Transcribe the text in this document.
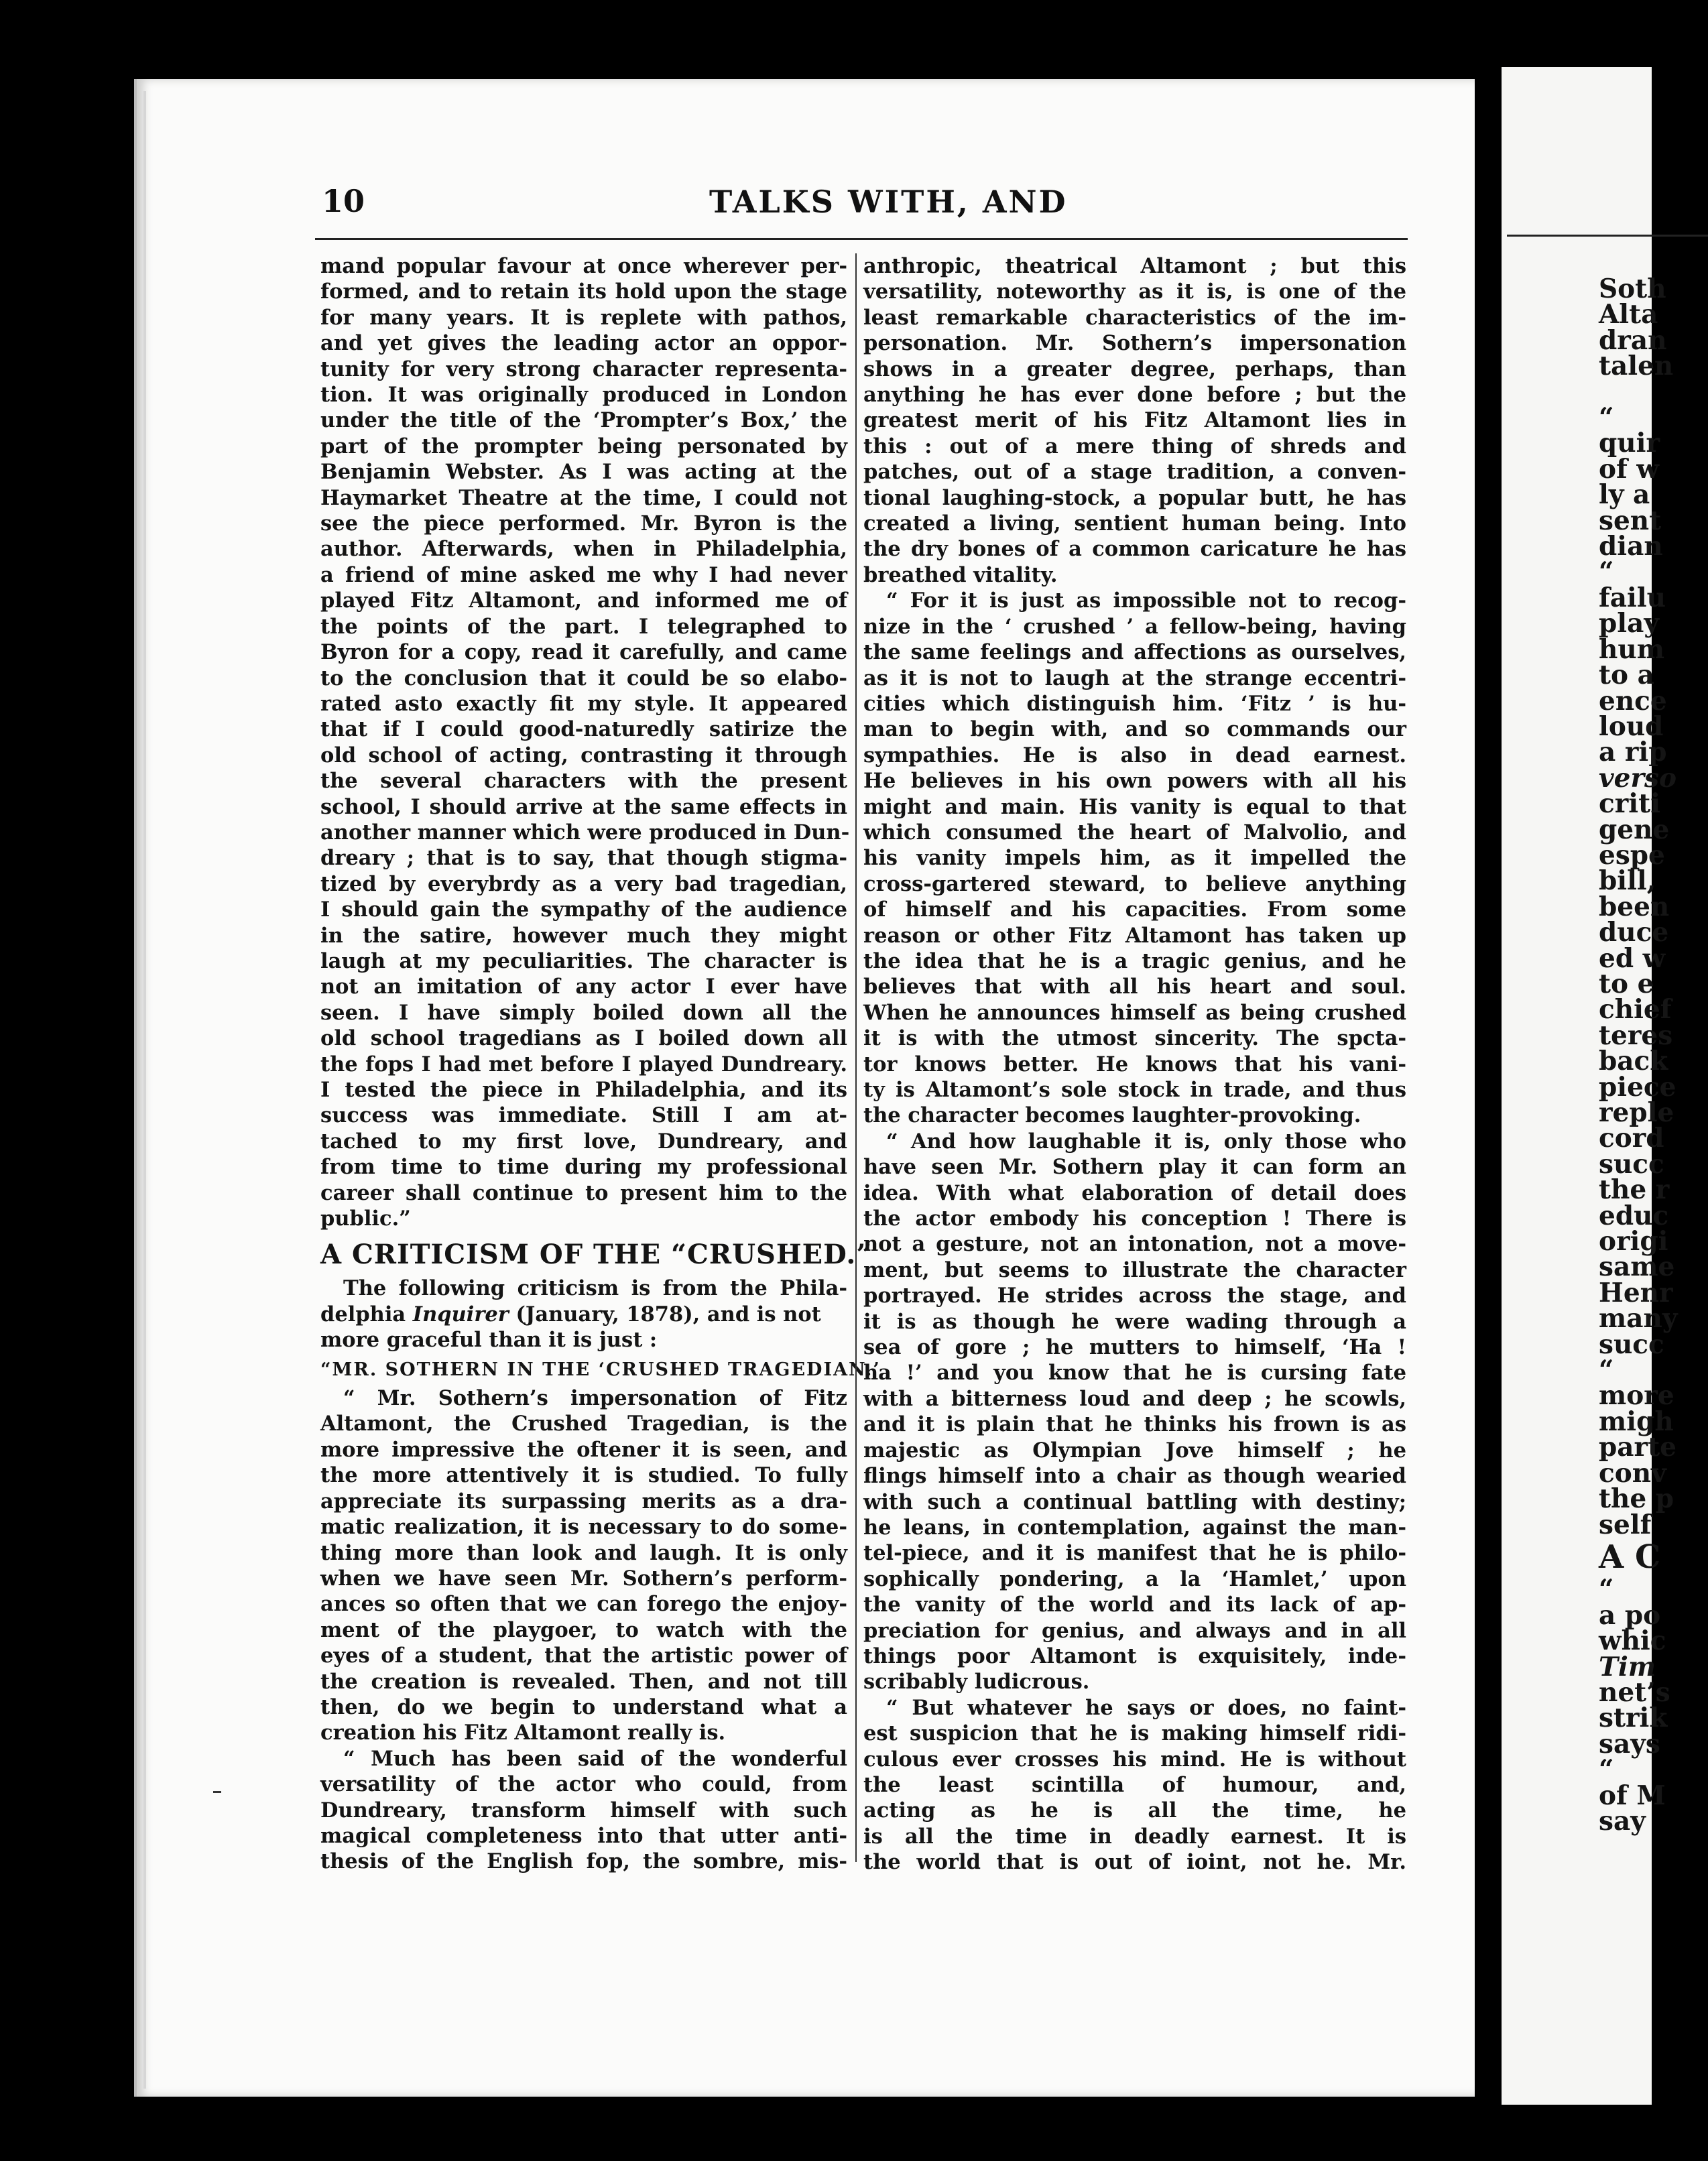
Soth
Alta
dran
talen

“
quir
of w
ly a
sent
dian
“
failu
play
hum
to a
ence
loud
a rip
verso
criti
gene
espe
bill,
been
duce
ed w
to e
chief
teres
back
piece
reple
cord
succ
the r
educ
origi
same
Henr
many
succ
“
more
migh
parte
conv
the p
self
A C
“
a po
whic
Tim
net’s
strik
says
“
of M
say
10	TALKS WITH, AND
mand popular favour at once wherever per-
formed, and to retain its hold upon the stage
for many years. It is replete with pathos,
and yet gives the leading actor an oppor-
tunity for very strong character representa-
tion. It was originally produced in London
under the title of the ‘Prompter’s Box,’ the
part of the prompter being personated by
Benjamin Webster. As I was acting at the
Haymarket Theatre at the time, I could not
see the piece performed. Mr. Byron is the
author. Afterwards, when in Philadelphia,
a friend of mine asked me why I had never
played Fitz Altamont, and informed me of
the points of the part. I telegraphed to
Byron for a copy, read it carefully, and came
to the conclusion that it could be so elabo-
rated asto exactly fit my style. It appeared
that if I could good-naturedly satirize the
old school of acting, contrasting it through
the several characters with the present
school, I should arrive at the same effects in
another manner which were produced in Dun-
dreary ; that is to say, that though stigma-
tized by everybrdy as a very bad tragedian,
I should gain the sympathy of the audience
in the satire, however much they might
laugh at my peculiarities. The character is
not an imitation of any actor I ever have
seen. I have simply boiled down all the
old school tragedians as I boiled down all
the fops I had met before I played Dundreary.
I tested the piece in Philadelphia, and its
success was immediate. Still I am at-
tached to my first love, Dundreary, and
from time to time during my professional
career shall continue to present him to the
public.”
A CRITICISM OF THE “CRUSHED.”
The following criticism is from the Phila-
delphia Inquirer (January, 1878), and is not
more graceful than it is just :
“MR. SOTHERN IN THE ‘CRUSHED TRAGEDIAN.’
“ Mr. Sothern’s impersonation of Fitz
Altamont, the Crushed Tragedian, is the
more impressive the oftener it is seen, and
the more attentively it is studied. To fully
appreciate its surpassing merits as a dra-
matic realization, it is necessary to do some-
thing more than look and laugh. It is only
when we have seen Mr. Sothern’s perform-
ances so often that we can forego the enjoy-
ment of the playgoer, to watch with the
eyes of a student, that the artistic power of
the creation is revealed. Then, and not till
then, do we begin to understand what a
creation his Fitz Altamont really is.
“ Much has been said of the wonderful
versatility of the actor who could, from
Dundreary, transform himself with such
magical completeness into that utter anti-
thesis of the English fop, the sombre, mis-
anthropic, theatrical Altamont ; but this
versatility, noteworthy as it is, is one of the
least remarkable characteristics of the im-
personation. Mr. Sothern’s impersonation
shows in a greater degree, perhaps, than
anything he has ever done before ; but the
greatest merit of his Fitz Altamont lies in
this : out of a mere thing of shreds and
patches, out of a stage tradition, a conven-
tional laughing-stock, a popular butt, he has
created a living, sentient human being. Into
the dry bones of a common caricature he has
breathed vitality.
“ For it is just as impossible not to recog-
nize in the ‘ crushed ’ a fellow-being, having
the same feelings and affections as ourselves,
as it is not to laugh at the strange eccentri-
cities which distinguish him. ‘Fitz ’ is hu-
man to begin with, and so commands our
sympathies. He is also in dead earnest.
He believes in his own powers with all his
might and main. His vanity is equal to that
which consumed the heart of Malvolio, and
his vanity impels him, as it impelled the
cross-gartered steward, to believe anything
of himself and his capacities. From some
reason or other Fitz Altamont has taken up
the idea that he is a tragic genius, and he
believes that with all his heart and soul.
When he announces himself as being crushed
it is with the utmost sincerity. The spcta-
tor knows better. He knows that his vani-
ty is Altamont’s sole stock in trade, and thus
the character becomes laughter-provoking.
“ And how laughable it is, only those who
have seen Mr. Sothern play it can form an
idea. With what elaboration of detail does
the actor embody his conception ! There is
not a gesture, not an intonation, not a move-
ment, but seems to illustrate the character
portrayed. He strides across the stage, and
it is as though he were wading through a
sea of gore ; he mutters to himself, ‘Ha !
ha !’ and you know that he is cursing fate
with a bitterness loud and deep ; he scowls,
and it is plain that he thinks his frown is as
majestic as Olympian Jove himself ; he
flings himself into a chair as though wearied
with such a continual battling with destiny;
he leans, in contemplation, against the man-
tel-piece, and it is manifest that he is philo-
sophically pondering, a la ‘Hamlet,’ upon
the vanity of the world and its lack of ap-
preciation for genius, and always and in all
things poor Altamont is exquisitely, inde-
scribably ludicrous.
“ But whatever he says or does, no faint-
est suspicion that he is making himself ridi-
culous ever crosses his mind. He is without
the least scintilla of humour, and,
acting as he is all the time, he
is all the time in deadly earnest. It is
the world that is out of ioint, not he. Mr.
